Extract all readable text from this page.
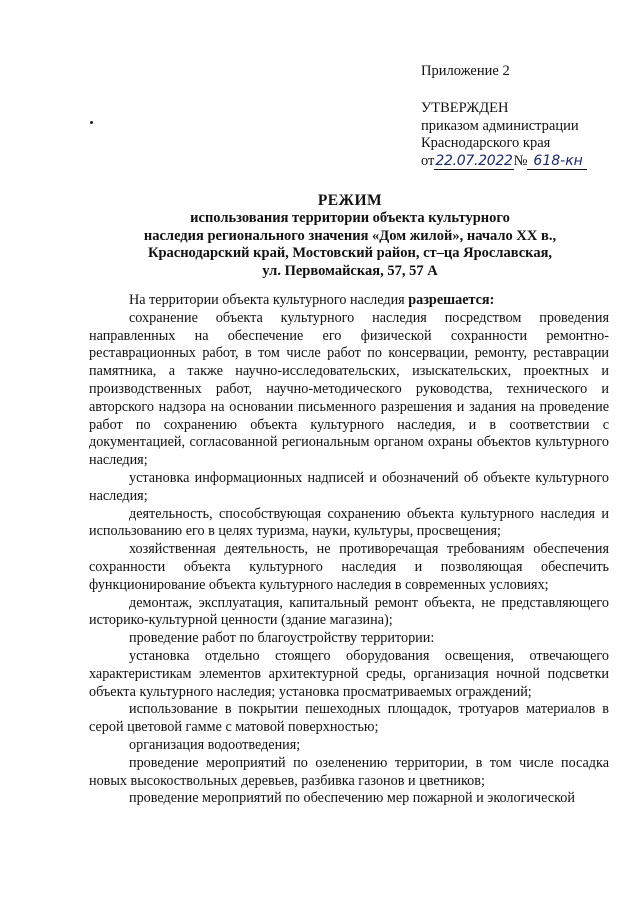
Приложение 2
УТВЕРЖДЕН
приказом администрации
Краснодарского края
от22.07.2022№ 618-кн
РЕЖИМ
использования территории объекта культурного
наследия регионального значения «Дом жилой», начало XX в.,
Краснодарский край, Мостовский район, ст–ца Ярославская,
ул. Первомайская, 57, 57 А

На территории объекта культурного наследия разрешается:

сохранение объекта культурного наследия посредством проведения направленных на обеспечение его физической сохранности ремонтно-реставрационных работ, в том числе работ по консервации, ремонту, реставрации памятника, а также научно-исследовательских, изыскательских, проектных и производственных работ, научно-методического руководства, технического и авторского надзора на основании письменного разрешения и задания на проведение работ по сохранению объекта культурного наследия, и в соответствии с документацией, согласованной региональным органом охраны объектов культурного наследия;

установка информационных надписей и обозначений об объекте культурного наследия;

деятельность, способствующая сохранению объекта культурного наследия и использованию его в целях туризма, науки, культуры, просвещения;

хозяйственная деятельность, не противоречащая требованиям обеспечения сохранности объекта культурного наследия и позволяющая обеспечить функционирование объекта культурного наследия в современных условиях;

демонтаж, эксплуатация, капитальный ремонт объекта, не представляющего историко-культурной ценности (здание магазина);

проведение работ по благоустройству территории:

установка отдельно стоящего оборудования освещения, отвечающего характеристикам элементов архитектурной среды, организация ночной подсветки объекта культурного наследия; установка просматриваемых ограждений;

использование в покрытии пешеходных площадок, тротуаров материалов в серой цветовой гамме с матовой поверхностью;

организация водоотведения;

проведение мероприятий по озеленению территории, в том числе посадка новых высокоствольных деревьев, разбивка газонов и цветников;

проведение мероприятий по обеспечению мер пожарной и экологической
